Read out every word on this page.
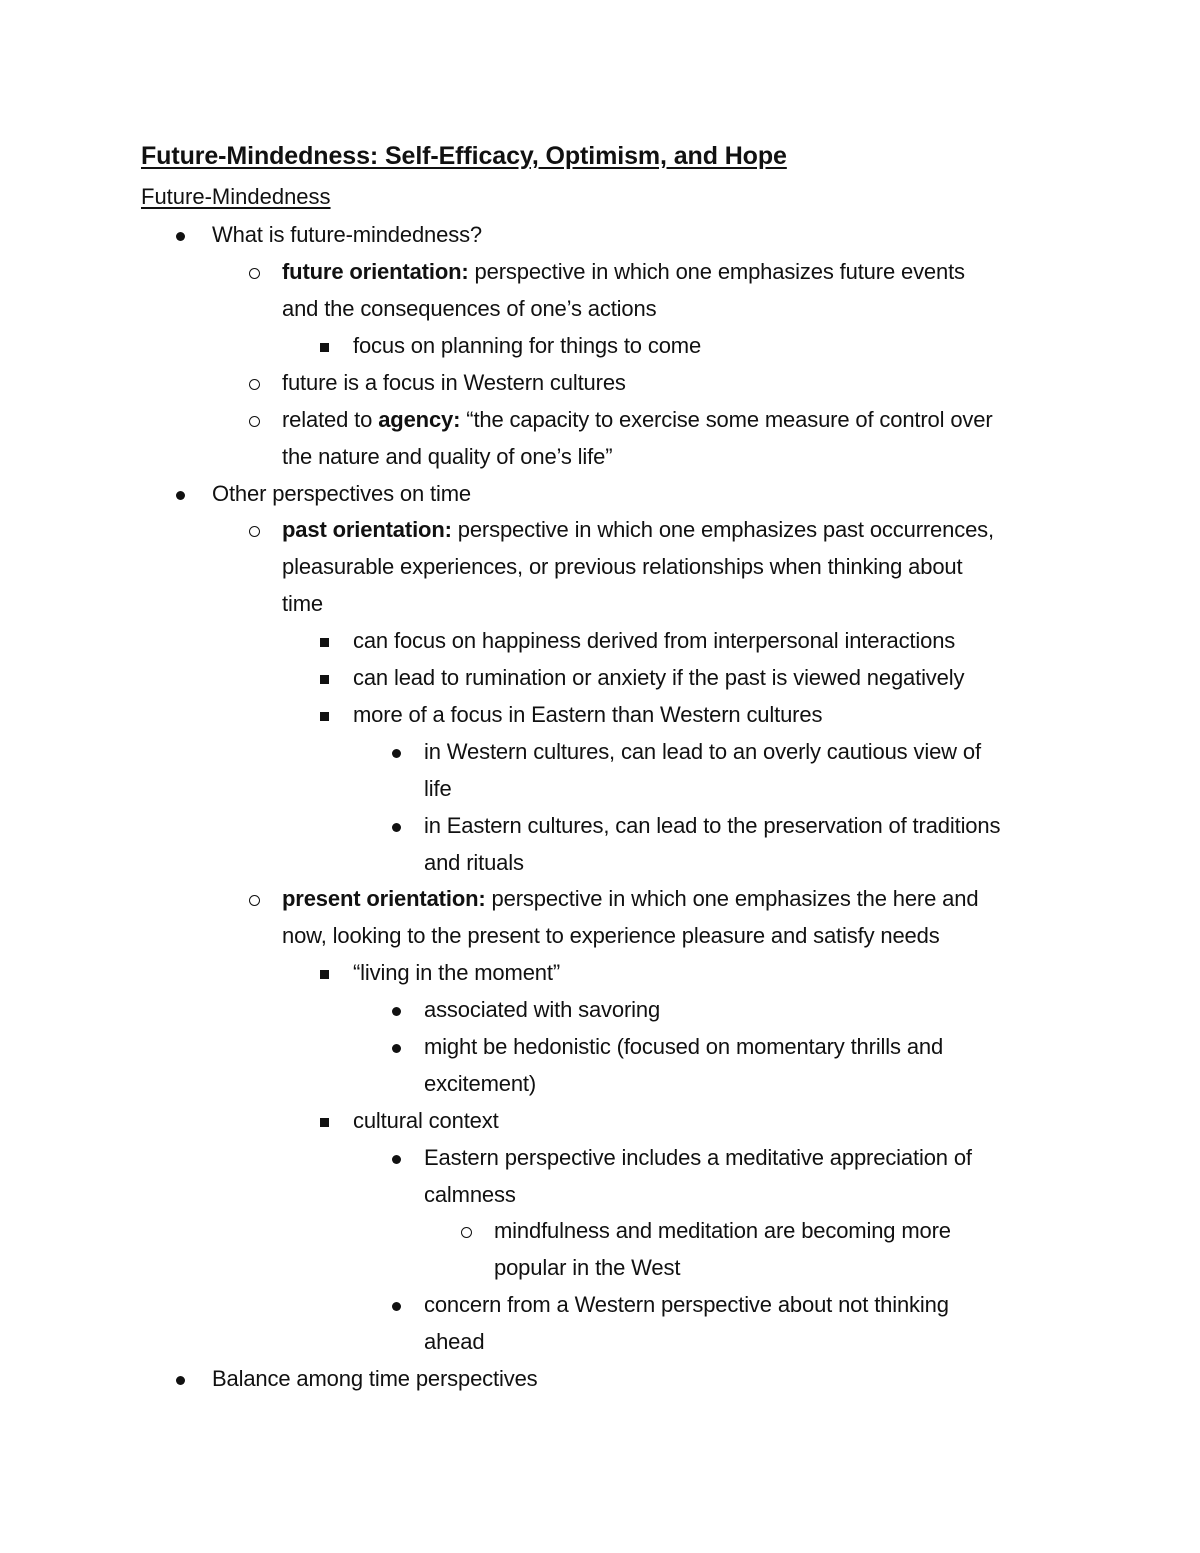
Future-Mindedness: Self-Efficacy, Optimism, and Hope
Future-Mindedness
What is future-mindedness?
future orientation: perspective in which one emphasizes future events
and the consequences of one’s actions
focus on planning for things to come
future is a focus in Western cultures
related to agency: “the capacity to exercise some measure of control over
the nature and quality of one’s life”
Other perspectives on time
past orientation: perspective in which one emphasizes past occurrences,
pleasurable experiences, or previous relationships when thinking about
time
can focus on happiness derived from interpersonal interactions
can lead to rumination or anxiety if the past is viewed negatively
more of a focus in Eastern than Western cultures
in Western cultures, can lead to an overly cautious view of
life
in Eastern cultures, can lead to the preservation of traditions
and rituals
present orientation: perspective in which one emphasizes the here and
now, looking to the present to experience pleasure and satisfy needs
“living in the moment”
associated with savoring
might be hedonistic (focused on momentary thrills and
excitement)
cultural context
Eastern perspective includes a meditative appreciation of
calmness
mindfulness and meditation are becoming more
popular in the West
concern from a Western perspective about not thinking
ahead
Balance among time perspectives
